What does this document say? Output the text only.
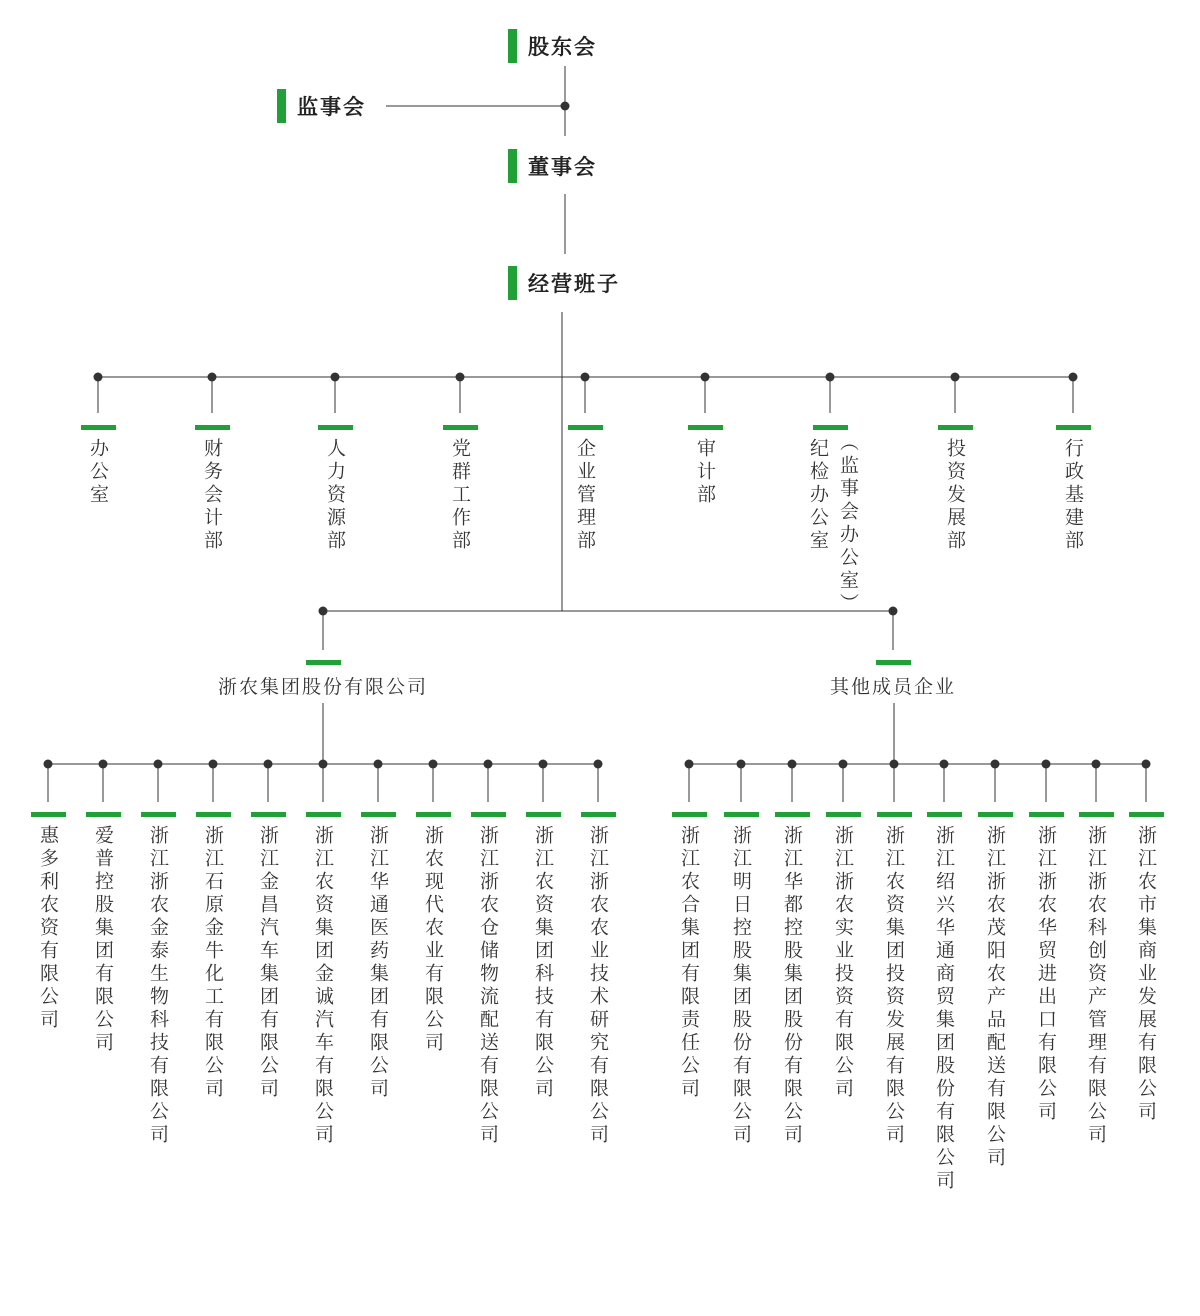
股东会
监事会
董事会
经营班子
办公室	财务会计部	人力资源部	党群工作部	企业管理部	审计部	纪检办公室 ︵监事会办公室︶	投资发展部	行政基建部
浙农集团股份有限公司	其他成员企业
惠多利农资有限公司 爱普控股集团有限公司 浙江浙农金泰生物科技有限公司 浙江石原金牛化工有限公司 浙江金昌汽车集团有限公司 浙江农资集团金诚汽车有限公司 浙江华通医药集团有限公司 浙农现代农业有限公司 浙江浙农仓储物流配送有限公司 浙江农资集团科技有限公司 浙江浙农农业技术研究有限公司	浙江农合集团有限责任公司 浙江明日控股集团股份有限公司 浙江华都控股集团股份有限公司 浙江浙农实业投资有限公司 浙江农资集团投资发展有限公司 浙江绍兴华通商贸集团股份有限公司 浙江浙农茂阳农产品配送有限公司 浙江浙农华贸进出口有限公司 浙江浙农科创资产管理有限公司 浙江农市集商业发展有限公司
